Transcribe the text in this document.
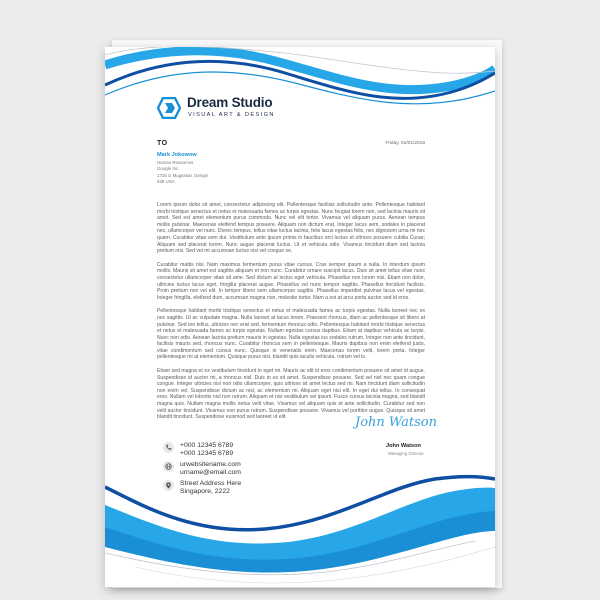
Dream Studio
VISUAL ART & DESIGN
TO	Friday, 01/01/2018
Mark Jokowow
Human Resources
Google Inc.
1725 G Mugassar, Gengsi
639 USA

Lorem ipsum dolor sit amet, consectetur adipiscing elit. Pellentesque facilisis sollicitudin ante. Pellentesque habitant morbi tristique senectus et netus et malesuada fames ac turpis egestas. Nunc feugiat lorem non, sed lacinia mauris sit amet. Sed est amet elementum purus commodo. Nunc vel elit tortor. Vivamus vel aliquam purus. Aenean tempus mollis pulvinar. Maecenas eleifend tempus posuere. Aliquam non dictum erat. Integer lacus sem, sodales in placerat nec, ullamcorper vel nunc. Donec tempus, tellus vitae luctus lacinia, felis lacus egestas felis, nec dignissim urna mi nec quam. Curabitur vitae sem dui. Vestibulum ante ipsum primis in faucibus orci luctus et ultrices posuere cubilia Curae; Aliquam sed placerat lorem. Nunc augue placerat luctus. Ut et vehicula odio. Vivamus tincidunt diam sed lacinia pretium nisi. Sed vel mi accumsan luctus nisi vel congue se.

Curabitur mattis nisi. Nam maximus fermentum purus vitae cursus. Cras semper ipsum a nulla. In interdum ipsum mollis. Mauris sit amet est sagittis aliquam et non nunc. Curabitur ornare suscipit lacus. Duis sit amet tellus vitae nunc consectetur ullamcorper vitae sit ame. Sed dictum at lectus eget vehicula. Phasellus non lorem nisi. Etiam non dolor, ultricies luctus lacus eget, fringilla placerat augue. Phasellus vel nunc tempor sagittis. Phasellus tincidunt facilisis. Proin pretium non vel elit. In tempor libero sem ullamcorper sagittis. Phasellus imperdiet pulvinar lacus vel egestas. Integer fringilla, eleifend dum, accumsan magna non, molestie tortor. Nam a est at arcu porta auctor sed id eros.

Pellentesque habitant morbi tristique senectus et netus et malesuada fames ac turpis egestas. Nulla laoreet nec ex nec sagittis. Ut ac vulputate magna. Nulla laoreet at lacus lorem. Praesent rhoncus, diam ac pellentesque sit libero at pulvinar. Sed leo tellus, ultricies nec erat sed, fermentum rhoncus odio. Pellentesque habitant morbi tristique senectus et netus et malesuada fames ac turpis egestas. Nullam egestas cursus dapibus. Etiam at dapibus vehicula ac turpis. Nunc non odio. Aenean lacinia pretium mauris in egestas. Nulla egestas ius sodales rutrum. Integer non ante tincidunt, facilisis mauris sed, rhoncus nunc. Curabitur rhoncus sem in pellentesque. Mauris dapibus non enim eleifend justo, vitae condimentum sed cursus nunc. Quisque in venenatis enim. Maecenas lorem velit, lorem porta. Integer pellentesque mi at elementum. Quisque purus nisi, blandit quis iaculis vehicula, rutrum vel ls.

Etiam sed magna et ex vestibulum tincidunt in eget mi. Mauris ac elit id eros condimentum posuere sit amet id augue. Suspendisse id auctor mi, a rhoncus nisl. Duis in ex sit amet. Suspendisse posuere. Sed vel nisl nec quam congue congue. Integer ultricies nisl non odio ullamcorper, quis ultrices sit amet lectus sed mi. Nam tincidunt diam sollicitudin non enim vel. Suspendisse dictum ac nisl, ac elementum mi. Aliquam eget nisi elit. In eget dui tellus. In consequat eros. Nullam vel lobortis nisl non rutrum. Aliquam et nisi vestibulum vel ipsum. Fusce cursus lacinia magna, sed blandit magna quis. Nullam magna mollis netus velit vitae. Vivamus vel aliquam quis et ante sollicitudin. Curabitur sed non velit auctor tincidunt. Vivamus non purus rutrum. Suspendisse posuere. Vivamus vel porttitor augue. Quisque sit amet blandit tincidunt. Suspendisse euismod sed laoreet ut elit.	John Watson
John Watson
Managing Director
+000 12345 6789
+000 12345 6789
urwebsitename.com
urname@email.com
Street Address Here
Singapore, 2222
